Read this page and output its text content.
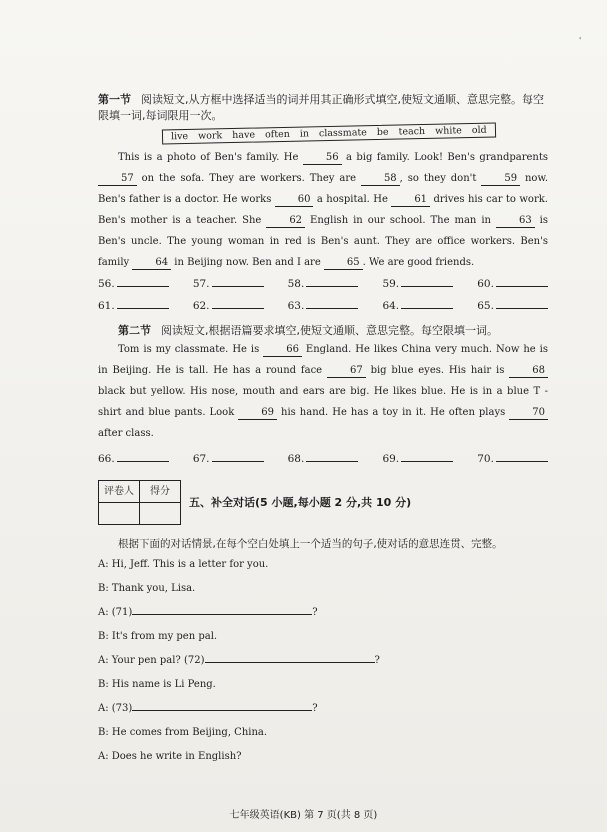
'

第一节 阅读短文,从方框中选择适当的词并用其正确形式填空,使短文通顺、意思完整。每空限填一词,每词限用一次。

live work have often in classmate be teach white old

This is a photo of Ben's family. He 56 a big family. Look! Ben's grandparents 57 on the sofa. They are workers. They are 58 , so they don't 59 now. Ben's father is a doctor. He works 60 a hospital. He 61 drives his car to work. Ben's mother is a teacher. She 62 English in our school. The man in 63 is Ben's uncle. The young woman in red is Ben's aunt. They are office workers. Ben's family 64 in Beijing now. Ben and I are 65 . We are good friends.

56.	57.	58.	59.	60.
61.	62.	63.	64.	65.

第二节 阅读短文,根据语篇要求填空,使短文通顺、意思完整。每空限填一词。

Tom is my classmate. He is 66 England. He likes China very much. Now he is in Beijing. He is tall. He has a round face 67 big blue eyes. His hair is 68 black but yellow. His nose, mouth and ears are big. He likes blue. He is in a blue T - shirt and blue pants. Look 69 his hand. He has a toy in it. He often plays 70 after class.

66.	67.	68.	69.	70.
评卷人	得分

五、补全对话(5 小题,每小题 2 分,共 10 分)

根据下面的对话情景,在每个空白处填上一个适当的句子,使对话的意思连贯、完整。

A: Hi, Jeff. This is a letter for you.

B: Thank you, Lisa.

A: (71)	?

B: It's from my pen pal.

A: Your pen pal? (72)	?

B: His name is Li Peng.

A: (73)	?

B: He comes from Beijing, China.

A: Does he write in English?

七年级英语(KB) 第 7 页(共 8 页)
